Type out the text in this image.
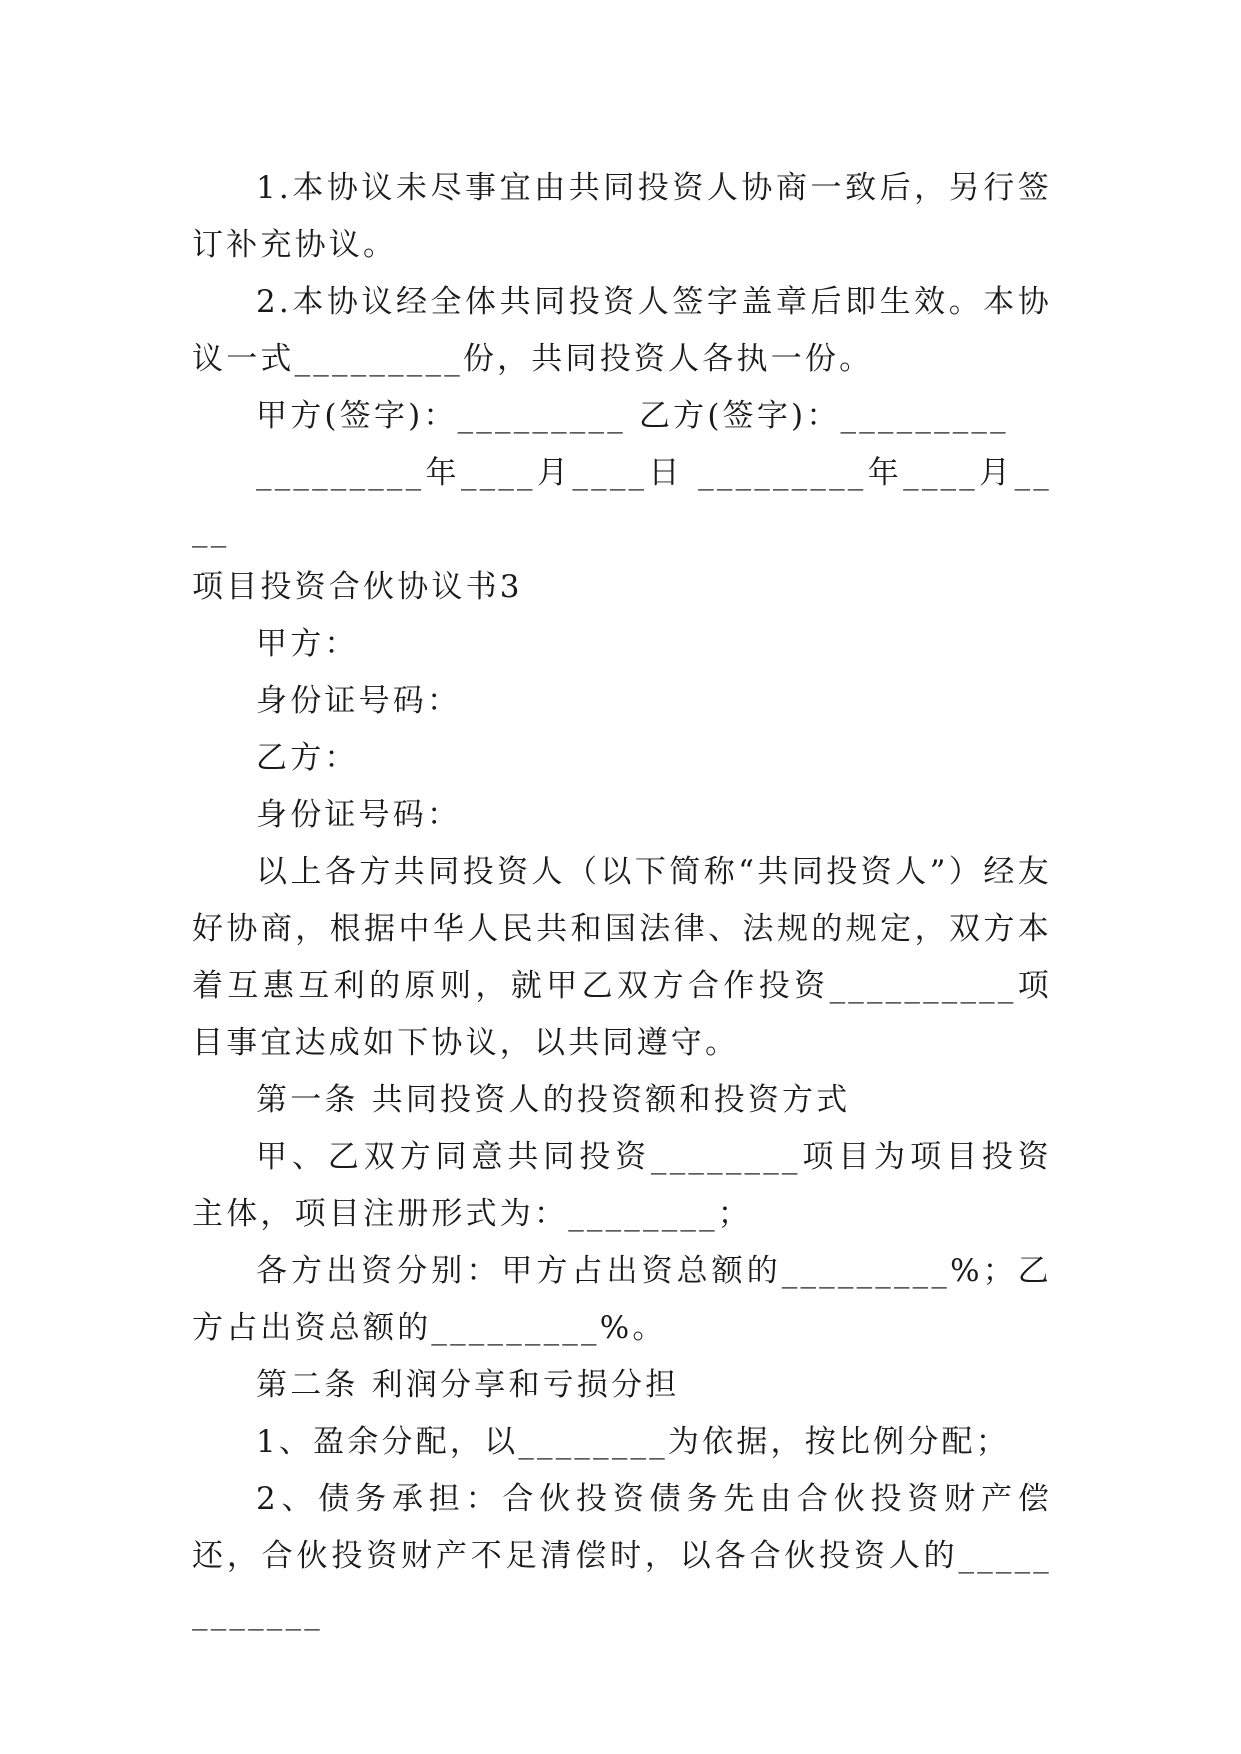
1.本协议未尽事宜由共同投资人协商一致后，另行签订补充协议。

2.本协议经全体共同投资人签字盖章后即生效。本协议一式_________份，共同投资人各执一份。

甲方(签字)：_________ 乙方(签字)：_________

_________年____月____日 _________年____月____

项目投资合伙协议书3

甲方：

身份证号码：

乙方：

身份证号码：

以上各方共同投资人（以下简称“共同投资人”）经友好协商，根据中华人民共和国法律、法规的规定，双方本着互惠互利的原则，就甲乙双方合作投资__________项目事宜达成如下协议，以共同遵守。

第一条 共同投资人的投资额和投资方式

甲、乙双方同意共同投资________项目为项目投资主体，项目注册形式为：________；

各方出资分别：甲方占出资总额的_________%；乙方占出资总额的_________%。

第二条 利润分享和亏损分担

1、盈余分配，以________为依据，按比例分配；

2、债务承担：合伙投资债务先由合伙投资财产偿还，合伙投资财产不足清偿时，以各合伙投资人的____________
